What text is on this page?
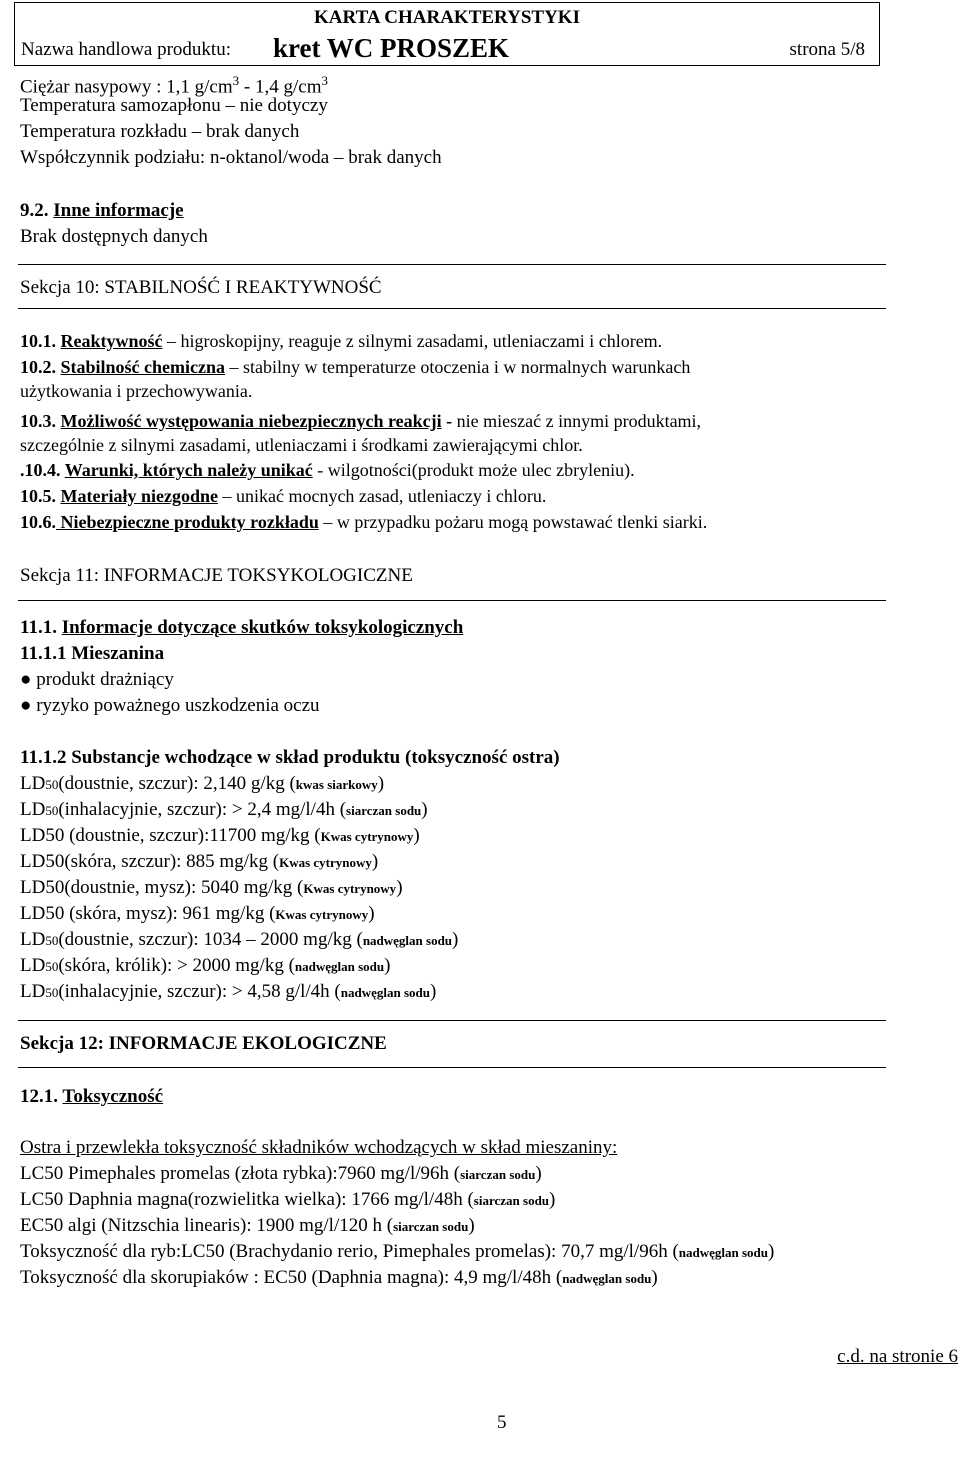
KARTA CHARAKTERYSTYKI
Nazwa handlowa produktu: kret WC PROSZEK	strona 5/8
Ciężar nasypowy : 1,1 $g/cm^3 - 1,4$ $g/cm^3$
Temperatura samozapłonu – nie dotyczy
Temperatura rozkładu – brak danych
Współczynnik podziału: n-oktanol/woda – brak danych
9.2. Inne informacje
Brak dostępnych danych
Sekcja 10: STABILNOŚĆ I REAKTYWNOŚĆ
10.1. Reaktywność – higroskopijny, reaguje z silnymi zasadami, utleniaczami i chlorem.
10.2. Stabilność chemiczna – stabilny w temperaturze otoczenia i w normalnych warunkach
użytkowania i przechowywania.
10.3. Możliwość występowania niebezpiecznych reakcji - nie mieszać z innymi produktami,
szczególnie z silnymi zasadami, utleniaczami i środkami zawierającymi chlor.
.10.4. Warunki, których należy unikać - wilgotności(produkt może ulec zbryleniu).
10.5. Materiały niezgodne – unikać mocnych zasad, utleniaczy i chloru.
10.6. Niebezpieczne produkty rozkładu – w przypadku pożaru mogą powstawać tlenki siarki.
Sekcja 11: INFORMACJE TOKSYKOLOGICZNE
11.1. Informacje dotyczące skutków toksykologicznych
11.1.1 Mieszanina
● produkt drażniący
● ryzyko poważnego uszkodzenia oczu
11.1.2 Substancje wchodzące w skład produktu (toksyczność ostra)
LD50(doustnie, szczur): 2,140 g/kg (kwas siarkowy)
LD50(inhalacyjnie, szczur): > 2,4 mg/l/4h (siarczan sodu)
LD50 (doustnie, szczur):11700 mg/kg (Kwas cytrynowy)
LD50(skóra, szczur): 885 mg/kg (Kwas cytrynowy)
LD50(doustnie, mysz): 5040 mg/kg (Kwas cytrynowy)
LD50 (skóra, mysz): 961 mg/kg (Kwas cytrynowy)
LD50(doustnie, szczur): 1034 – 2000 mg/kg (nadwęglan sodu)
LD50(skóra, królik): > 2000 mg/kg (nadwęglan sodu)
LD50(inhalacyjnie, szczur): > 4,58 g/l/4h (nadwęglan sodu)
Sekcja 12: INFORMACJE EKOLOGICZNE
12.1. Toksyczność
Ostra i przewlekła toksyczność składników wchodzących w skład mieszaniny:
LC50 Pimephales promelas (złota rybka):7960 mg/l/96h (siarczan sodu)
LC50 Daphnia magna(rozwielitka wielka): 1766 mg/l/48h (siarczan sodu)
EC50 algi (Nitzschia linearis): 1900 mg/l/120 h (siarczan sodu)
Toksyczność dla ryb:LC50 (Brachydanio rerio, Pimephales promelas): 70,7 mg/l/96h (nadwęglan sodu)
Toksyczność dla skorupiaków : EC50 (Daphnia magna): 4,9 mg/l/48h (nadwęglan sodu)
c.d. na stronie 6
5
